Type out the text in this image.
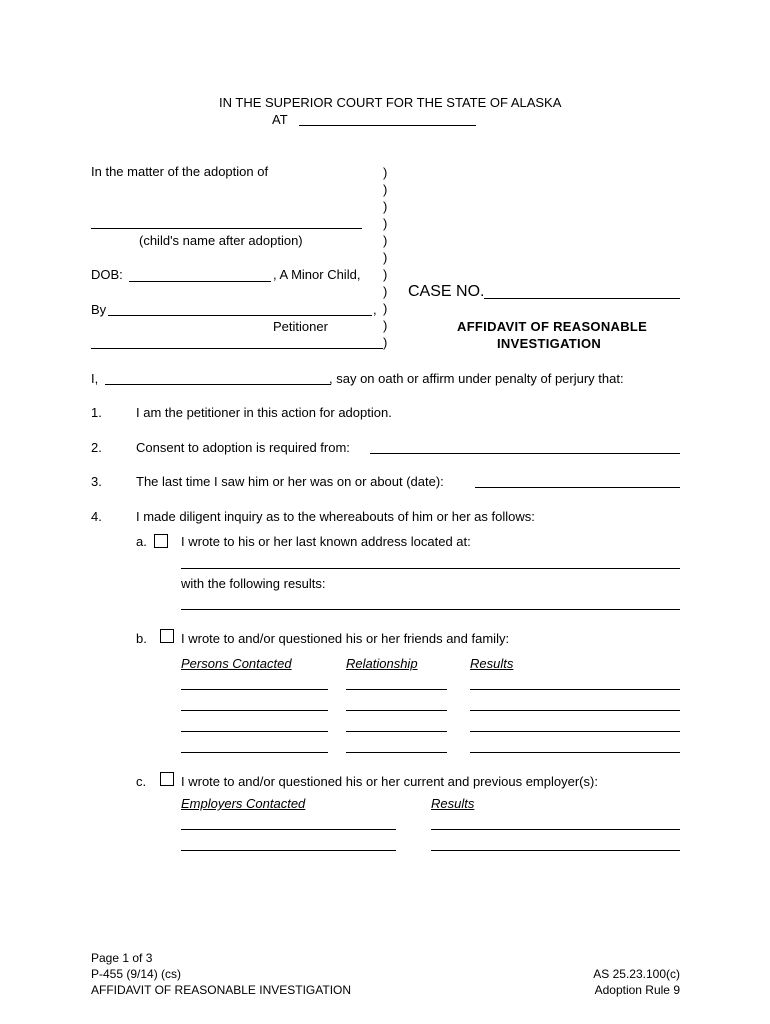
IN THE SUPERIOR COURT FOR THE STATE OF ALASKA
AT
In the matter of the adoption of
(child's name after adoption)
DOB:	, A Minor Child,
By	,
Petitioner
)
)
)
)
)
)
)
)
)
)
)
CASE NO.
AFFIDAVIT OF REASONABLE
INVESTIGATION
I,	, say on oath or affirm under penalty of perjury that:
1.	I am the petitioner in this action for adoption.
2.	Consent to adoption is required from:
3.	The last time I saw him or her was on or about (date):
4.	I made diligent inquiry as to the whereabouts of him or her as follows:
a.	I wrote to his or her last known address located at:
with the following results:
b.	I wrote to and/or questioned his or her friends and family:
Persons Contacted	Relationship	Results
c.	I wrote to and/or questioned his or her current and previous employer(s):
Employers Contacted	Results
Page 1 of 3
P-455 (9/14) (cs)
AFFIDAVIT OF REASONABLE INVESTIGATION
AS 25.23.100(c)
Adoption Rule 9
